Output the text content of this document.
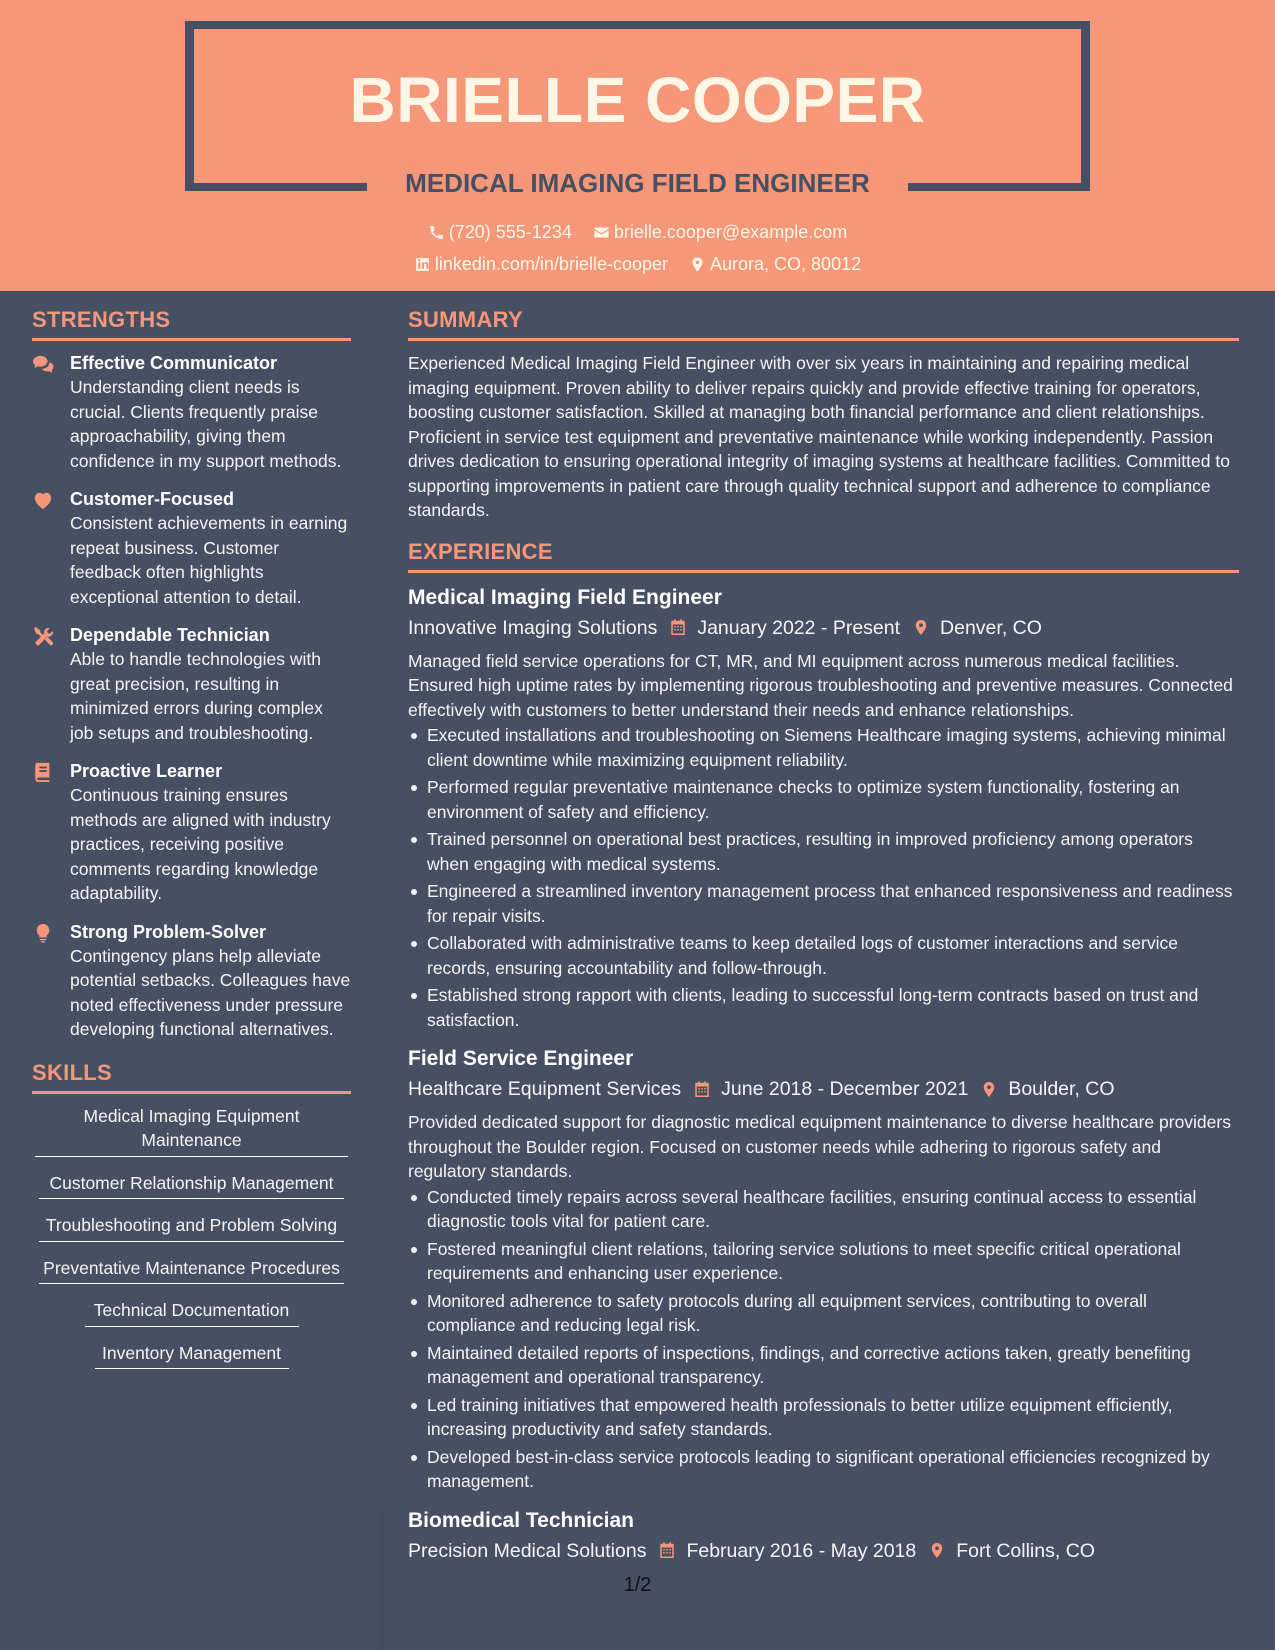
BRIELLE COOPER
MEDICAL IMAGING FIELD ENGINEER
(720) 555-1234
brielle.cooper@example.com
linkedin.com/in/brielle-cooper
Aurora, CO, 80012
STRENGTHS
Effective Communicator
Understanding client needs is crucial. Clients frequently praise approachability, giving them confidence in my support methods.
Customer-Focused
Consistent achievements in earning repeat business. Customer feedback often highlights exceptional attention to detail.
Dependable Technician
Able to handle technologies with great precision, resulting in minimized errors during complex job setups and troubleshooting.
Proactive Learner
Continuous training ensures methods are aligned with industry practices, receiving positive comments regarding knowledge adaptability.
Strong Problem-Solver
Contingency plans help alleviate potential setbacks. Colleagues have noted effectiveness under pressure developing functional alternatives.
SKILLS
Medical Imaging Equipment Maintenance
Customer Relationship Management
Troubleshooting and Problem Solving
Preventative Maintenance Procedures
Technical Documentation
Inventory Management
SUMMARY
Experienced Medical Imaging Field Engineer with over six years in maintaining and repairing medical imaging equipment. Proven ability to deliver repairs quickly and provide effective training for operators, boosting customer satisfaction. Skilled at managing both financial performance and client relationships. Proficient in service test equipment and preventative maintenance while working independently. Passion drives dedication to ensuring operational integrity of imaging systems at healthcare facilities. Committed to supporting improvements in patient care through quality technical support and adherence to compliance standards.
EXPERIENCE
Medical Imaging Field Engineer
Innovative Imaging Solutions January 2022 - Present Denver, CO
Managed field service operations for CT, MR, and MI equipment across numerous medical facilities. Ensured high uptime rates by implementing rigorous troubleshooting and preventive measures. Connected effectively with customers to better understand their needs and enhance relationships.
Executed installations and troubleshooting on Siemens Healthcare imaging systems, achieving minimal client downtime while maximizing equipment reliability.
Performed regular preventative maintenance checks to optimize system functionality, fostering an environment of safety and efficiency.
Trained personnel on operational best practices, resulting in improved proficiency among operators when engaging with medical systems.
Engineered a streamlined inventory management process that enhanced responsiveness and readiness for repair visits.
Collaborated with administrative teams to keep detailed logs of customer interactions and service records, ensuring accountability and follow-through.
Established strong rapport with clients, leading to successful long-term contracts based on trust and satisfaction.
Field Service Engineer
Healthcare Equipment Services June 2018 - December 2021 Boulder, CO
Provided dedicated support for diagnostic medical equipment maintenance to diverse healthcare providers throughout the Boulder region. Focused on customer needs while adhering to rigorous safety and regulatory standards.
Conducted timely repairs across several healthcare facilities, ensuring continual access to essential diagnostic tools vital for patient care.
Fostered meaningful client relations, tailoring service solutions to meet specific critical operational requirements and enhancing user experience.
Monitored adherence to safety protocols during all equipment services, contributing to overall compliance and reducing legal risk.
Maintained detailed reports of inspections, findings, and corrective actions taken, greatly benefiting management and operational transparency.
Led training initiatives that empowered health professionals to better utilize equipment efficiently, increasing productivity and safety standards.
Developed best-in-class service protocols leading to significant operational efficiencies recognized by management.
Biomedical Technician
Precision Medical Solutions February 2016 - May 2018 Fort Collins, CO
1/2
